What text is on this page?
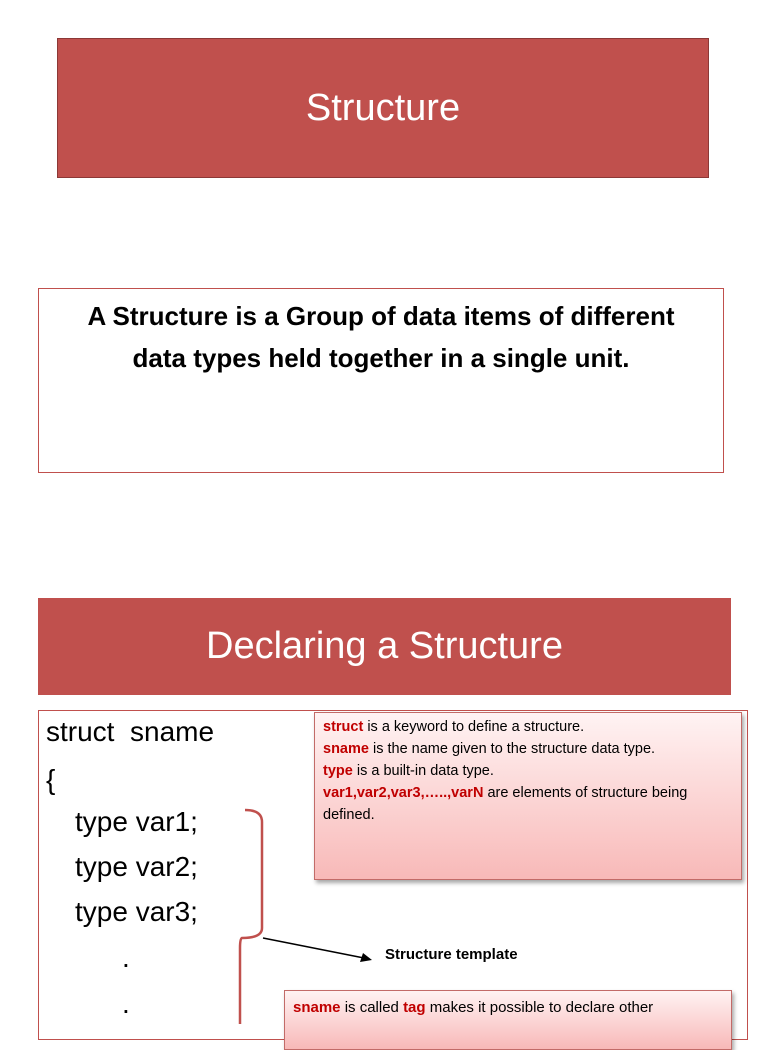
Structure
A Structure is a Group of data items of different data types held together in a single unit.
Declaring a Structure
struct  sname
{
type var1;
type var2;
type var3;
.
.
struct is a keyword to define a structure.
sname is the name given to the structure data type.
type is a built-in data type.
var1,var2,var3,…..,varN are elements of structure being defined.
Structure template
sname is called tag makes it possible to declare other
